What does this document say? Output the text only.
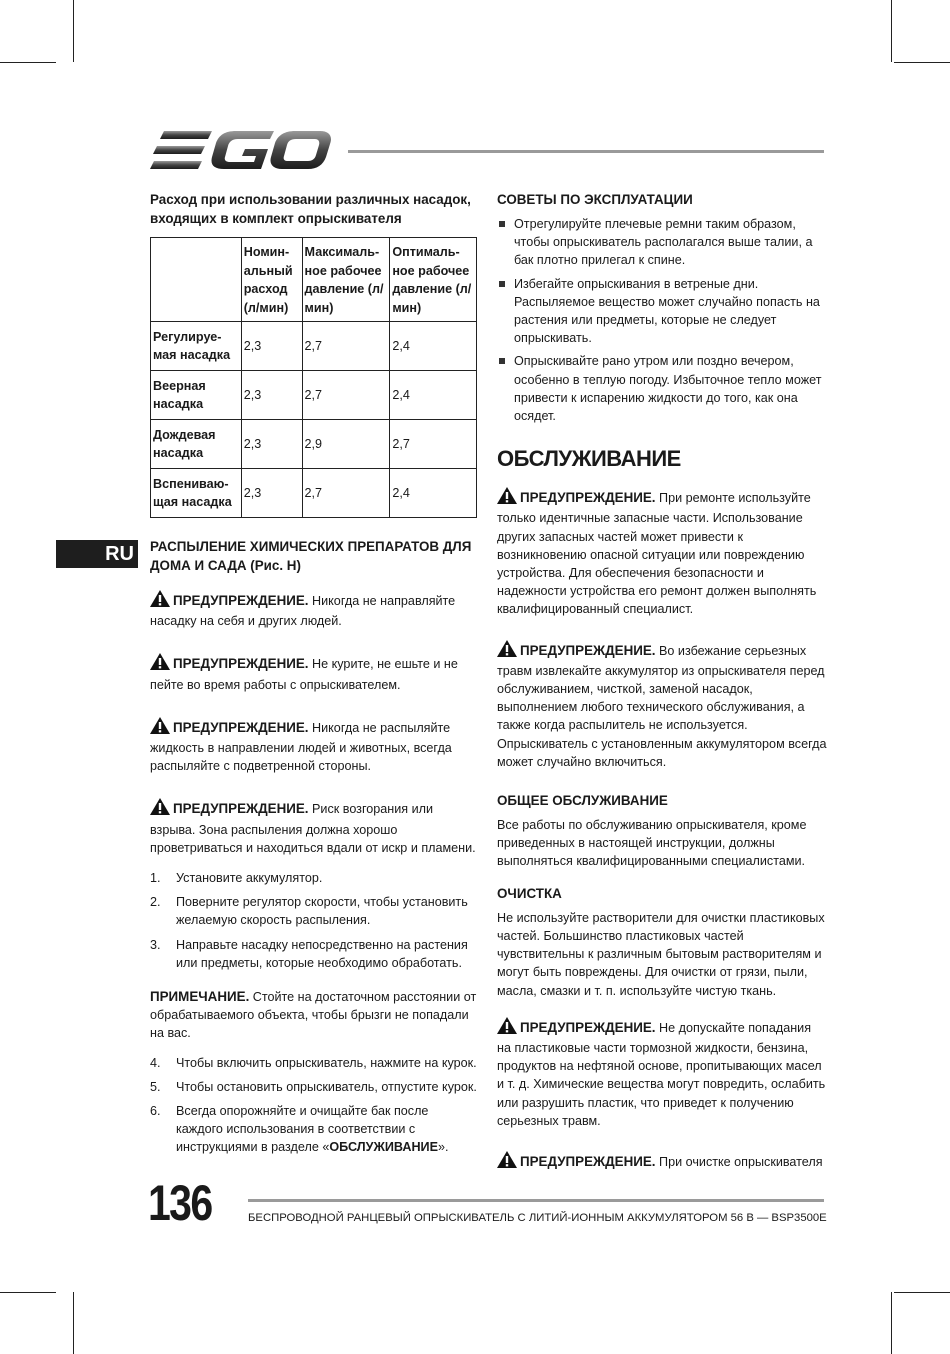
RU

Расход при использовании различных насадок,
входящих в комплект опрыскивателя

	Номин-альный расход (л/мин)	Максималь-ное рабочее давление (л/мин)	Оптималь-ное рабочее давление (л/мин)
Регулируе-мая насадка	2,3	2,7	2,4
Веерная насадка	2,3	2,7	2,4
Дождевая насадка	2,3	2,9	2,7
Вспениваю-щая насадка	2,3	2,7	2,4

РАСПЫЛЕНИЕ ХИМИЧЕСКИХ ПРЕПАРАТОВ ДЛЯ ДОМА И САДА (Рис. H)

ПРЕДУПРЕЖДЕНИЕ. Никогда не направляйте насадку на себя и других людей.

ПРЕДУПРЕЖДЕНИЕ. Не курите, не ешьте и не пейте во время работы с опрыскивателем.

ПРЕДУПРЕЖДЕНИЕ. Никогда не распыляйте жидкость в направлении людей и животных, всегда распыляйте с подветренной стороны.

ПРЕДУПРЕЖДЕНИЕ. Риск возгорания или взрыва. Зона распыления должна хорошо проветриваться и находиться вдали от искр и пламени.

1. Установите аккумулятор.
2. Поверните регулятор скорости, чтобы установить желаемую скорость распыления.
3. Направьте насадку непосредственно на растения или предметы, которые необходимо обработать.

ПРИМЕЧАНИЕ. Стойте на достаточном расстоянии от обрабатываемого объекта, чтобы брызги не попадали на вас.

4. Чтобы включить опрыскиватель, нажмите на курок.
5. Чтобы остановить опрыскиватель, отпустите курок.
6. Всегда опорожняйте и очищайте бак после каждого использования в соответствии с инструкциями в разделе «ОБСЛУЖИВАНИЕ».

СОВЕТЫ ПО ЭКСПЛУАТАЦИИ

Отрегулируйте плечевые ремни таким образом, чтобы опрыскиватель располагался выше талии, а бак плотно прилегал к спине.
Избегайте опрыскивания в ветреные дни. Распыляемое вещество может случайно попасть на растения или предметы, которые не следует опрыскивать.
Опрыскивайте рано утром или поздно вечером, особенно в теплую погоду. Избыточное тепло может привести к испарению жидкости до того, как она осядет.

ОБСЛУЖИВАНИЕ

ПРЕДУПРЕЖДЕНИЕ. При ремонте используйте только идентичные запасные части. Использование других запасных частей может привести к возникновению опасной ситуации или повреждению устройства. Для обеспечения безопасности и надежности устройства его ремонт должен выполнять квалифицированный специалист.

ПРЕДУПРЕЖДЕНИЕ. Во избежание серьезных травм извлекайте аккумулятор из опрыскивателя перед обслуживанием, чисткой, заменой насадок, выполнением любого технического обслуживания, а также когда распылитель не используется. Опрыскиватель с установленным аккумулятором всегда может случайно включиться.

ОБЩЕЕ ОБСЛУЖИВАНИЕ

Все работы по обслуживанию опрыскивателя, кроме приведенных в настоящей инструкции, должны выполняться квалифицированными специалистами.

ОЧИСТКА

Не используйте растворители для очистки пластиковых частей. Большинство пластиковых частей чувствительны к различным бытовым растворителям и могут быть повреждены. Для очистки от грязи, пыли, масла, смазки и т. п. используйте чистую ткань.

ПРЕДУПРЕЖДЕНИЕ. Не допускайте попадания на пластиковые части тормозной жидкости, бензина, продуктов на нефтяной основе, пропитывающих масел и т. д. Химические вещества могут повредить, ослабить или разрушить пластик, что приведет к получению серьезных травм.

ПРЕДУПРЕЖДЕНИЕ. При очистке опрыскивателя

136	БЕСПРОВОДНОЙ РАНЦЕВЫЙ ОПРЫСКИВАТЕЛЬ С ЛИТИЙ-ИОННЫМ АККУМУЛЯТОРОМ 56 В — BSP3500E
